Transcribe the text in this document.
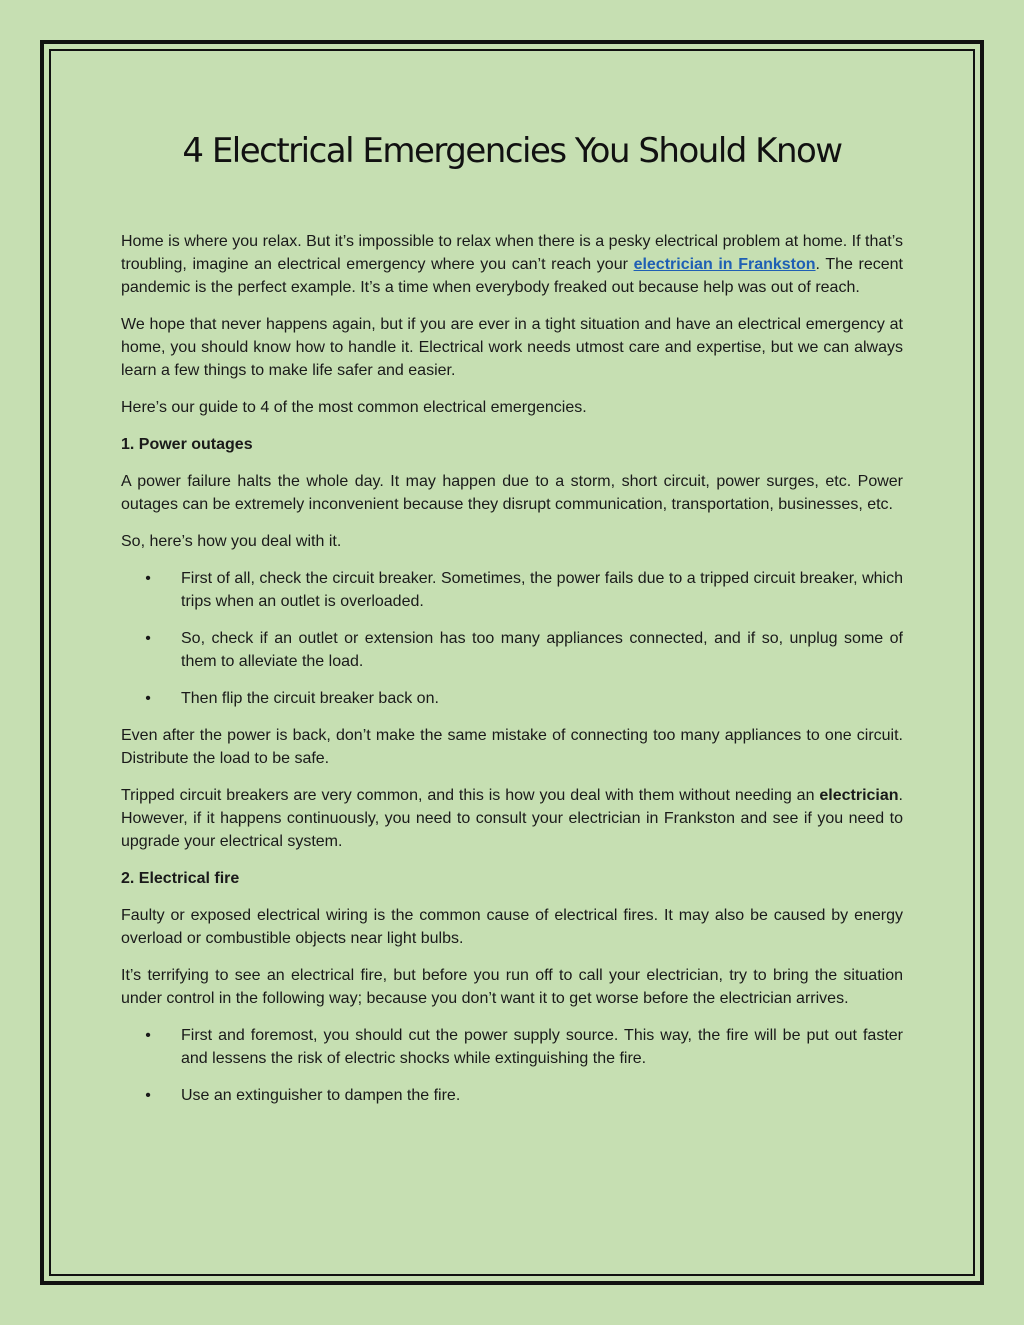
4 Electrical Emergencies You Should Know

Home is where you relax. But it’s impossible to relax when there is a pesky electrical problem at home. If that’s troubling, imagine an electrical emergency where you can’t reach your electrician in Frankston. The recent pandemic is the perfect example. It’s a time when everybody freaked out because help was out of reach.

We hope that never happens again, but if you are ever in a tight situation and have an electrical emergency at home, you should know how to handle it. Electrical work needs utmost care and expertise, but we can always learn a few things to make life safer and easier.

Here’s our guide to 4 of the most common electrical emergencies.

1. Power outages

A power failure halts the whole day. It may happen due to a storm, short circuit, power surges, etc. Power outages can be extremely inconvenient because they disrupt communication, transportation, businesses, etc.

So, here’s how you deal with it.

• First of all, check the circuit breaker. Sometimes, the power fails due to a tripped circuit breaker, which trips when an outlet is overloaded.
• So, check if an outlet or extension has too many appliances connected, and if so, unplug some of them to alleviate the load.
• Then flip the circuit breaker back on.

Even after the power is back, don’t make the same mistake of connecting too many appliances to one circuit. Distribute the load to be safe.

Tripped circuit breakers are very common, and this is how you deal with them without needing an electrician. However, if it happens continuously, you need to consult your electrician in Frankston and see if you need to upgrade your electrical system.

2. Electrical fire

Faulty or exposed electrical wiring is the common cause of electrical fires. It may also be caused by energy overload or combustible objects near light bulbs.

It’s terrifying to see an electrical fire, but before you run off to call your electrician, try to bring the situation under control in the following way; because you don’t want it to get worse before the electrician arrives.

• First and foremost, you should cut the power supply source. This way, the fire will be put out faster and lessens the risk of electric shocks while extinguishing the fire.
• Use an extinguisher to dampen the fire.
